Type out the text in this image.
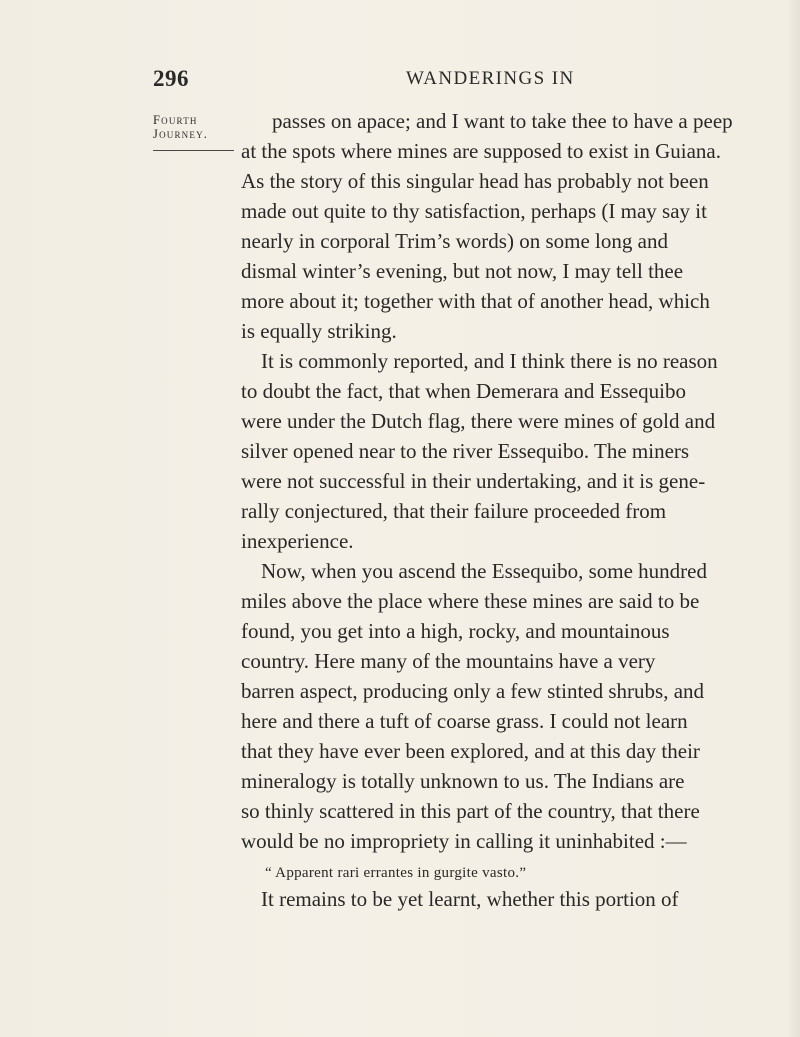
296	WANDERINGS IN
Fourth
Journey.
passes on apace; and I want to take thee to have a peep
at the spots where mines are supposed to exist in Guiana.
As the story of this singular head has probably not been
made out quite to thy satisfaction, perhaps (I may say it
nearly in corporal Trim’s words) on some long and
dismal winter’s evening, but not now, I may tell thee
more about it; together with that of another head, which
is equally striking.
It is commonly reported, and I think there is no reason
to doubt the fact, that when Demerara and Essequibo
were under the Dutch flag, there were mines of gold and
silver opened near to the river Essequibo. The miners
were not successful in their undertaking, and it is gene-
rally conjectured, that their failure proceeded from
inexperience.
Now, when you ascend the Essequibo, some hundred
miles above the place where these mines are said to be
found, you get into a high, rocky, and mountainous
country. Here many of the mountains have a very
barren aspect, producing only a few stinted shrubs, and
here and there a tuft of coarse grass. I could not learn
that they have ever been explored, and at this day their
mineralogy is totally unknown to us. The Indians are
so thinly scattered in this part of the country, that there
would be no impropriety in calling it uninhabited :—
“ Apparent rari errantes in gurgite vasto.”
It remains to be yet learnt, whether this portion of
